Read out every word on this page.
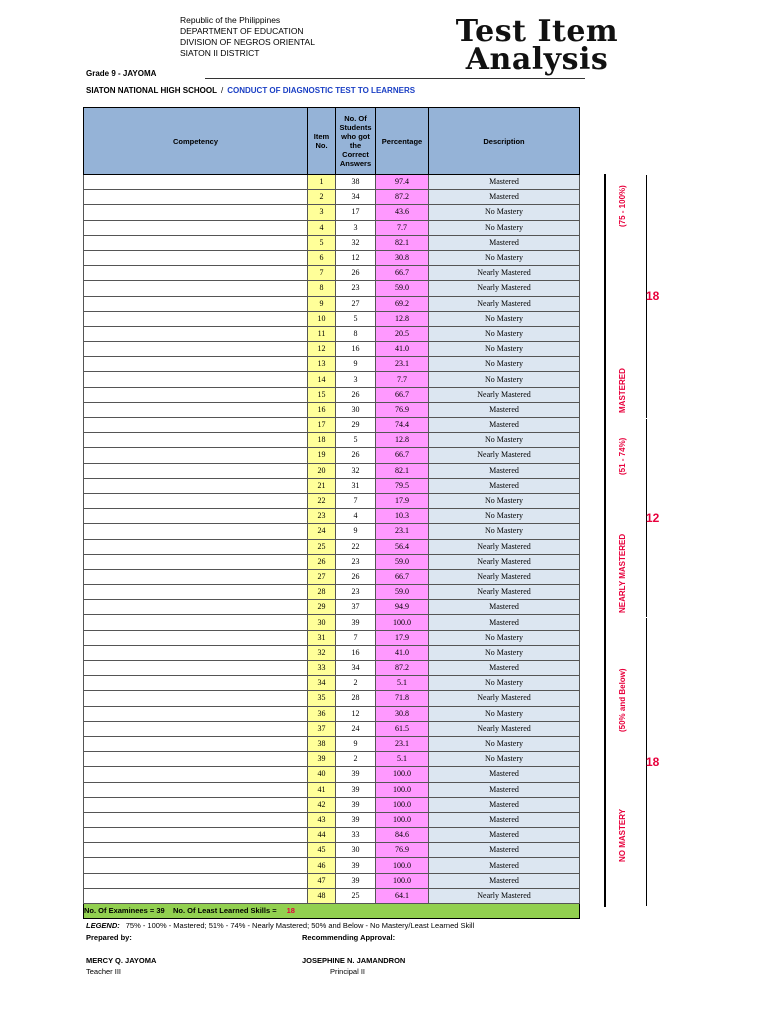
Republic of the Philippines
DEPARTMENT OF EDUCATION
DIVISION OF NEGROS ORIENTAL
SIATON II DISTRICT
Test Item
Analysis
Grade 9 - JAYOMA
SIATON NATIONAL HIGH SCHOOL / CONDUCT OF DIAGNOSTIC TEST TO LEARNERS
Competency	Item No.	No. Of Students who got the Correct Answers	Percentage	Description
	1	38	97.4	Mastered
	2	34	87.2	Mastered
	3	17	43.6	No Mastery
	4	3	7.7	No Mastery
	5	32	82.1	Mastered
	6	12	30.8	No Mastery
	7	26	66.7	Nearly Mastered
	8	23	59.0	Nearly Mastered
	9	27	69.2	Nearly Mastered
	10	5	12.8	No Mastery
	11	8	20.5	No Mastery
	12	16	41.0	No Mastery
	13	9	23.1	No Mastery
	14	3	7.7	No Mastery
	15	26	66.7	Nearly Mastered
	16	30	76.9	Mastered
	17	29	74.4	Mastered
	18	5	12.8	No Mastery
	19	26	66.7	Nearly Mastered
	20	32	82.1	Mastered
	21	31	79.5	Mastered
	22	7	17.9	No Mastery
	23	4	10.3	No Mastery
	24	9	23.1	No Mastery
	25	22	56.4	Nearly Mastered
	26	23	59.0	Nearly Mastered
	27	26	66.7	Nearly Mastered
	28	23	59.0	Nearly Mastered
	29	37	94.9	Mastered
	30	39	100.0	Mastered
	31	7	17.9	No Mastery
	32	16	41.0	No Mastery
	33	34	87.2	Mastered
	34	2	5.1	No Mastery
	35	28	71.8	Nearly Mastered
	36	12	30.8	No Mastery
	37	24	61.5	Nearly Mastered
	38	9	23.1	No Mastery
	39	2	5.1	No Mastery
	40	39	100.0	Mastered
	41	39	100.0	Mastered
	42	39	100.0	Mastered
	43	39	100.0	Mastered
	44	33	84.6	Mastered
	45	30	76.9	Mastered
	46	39	100.0	Mastered
	47	39	100.0	Mastered
	48	25	64.1	Nearly Mastered
No. Of Examinees = 39 No. Of Least Learned Skills = 18				
MASTERED
(75 - 100%)
18
NEARLY MASTERED
(51 - 74%)
12
NO MASTERY
(50% and Below)
18
LEGEND: 75% - 100% - Mastered; 51% - 74% - Nearly Mastered; 50% and Below - No Mastery/Least Learned Skill
Prepared by:	Recommending Approval:
MERCY Q. JAYOMA
Teacher III
JOSEPHINE N. JAMANDRON
Principal II
